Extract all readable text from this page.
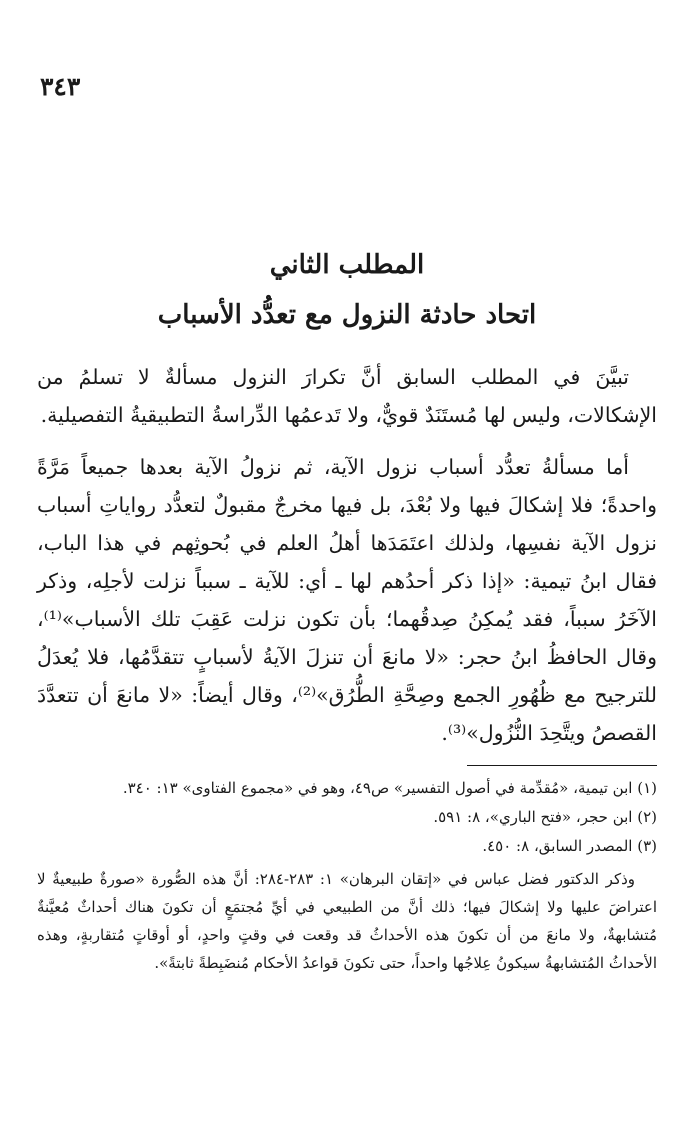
٣٤٣

المطلب الثاني

اتحاد حادثة النزول مع تعدُّد الأسباب

تبيَّنَ في المطلب السابق أنَّ تكرارَ النزول مسألةٌ لا تسلمُ من الإشكالات، وليس لها مُستَنَدٌ قويٌّ، ولا تَدعمُها الدِّراسةُ التطبيقيةُ التفصيلية.

أما مسألةُ تعدُّد أسباب نزول الآية، ثم نزولُ الآية بعدها جميعاً مَرَّةً واحدةً؛ فلا إشكالَ فيها ولا بُعْدَ، بل فيها مخرجٌ مقبولٌ لتعدُّد رواياتِ أسباب نزول الآية نفسِها، ولذلك اعتَمَدَها أهلُ العلم في بُحوثِهم في هذا الباب، فقال ابنُ تيمية: «إذا ذكر أحدُهم لها ـ أي: للآية ـ سبباً نزلت لأجلِه، وذكر الآخَرُ سبباً، فقد يُمكِنُ صِدقُهما؛ بأن تكون نزلت عَقِبَ تلك الأسباب»⁽¹⁾، وقال الحافظُ ابنُ حجر: «لا مانعَ أن تنزلَ الآيةُ لأسبابٍ تتقدَّمُها، فلا يُعدَلُ للترجيح مع ظُهُورِ الجمع وصِحَّةِ الطُّرُق»⁽²⁾، وقال أيضاً: «لا مانعَ أن تتعدَّدَ القصصُ ويتَّحِدَ النُّزُول»⁽³⁾.

(١) ابن تيمية، «مُقدِّمة في أصول التفسير» ص٤٩، وهو في «مجموع الفتاوى» ١٣: ٣٤٠.

(٢) ابن حجر، «فتح الباري»، ٨: ٥٩١.

(٣) المصدر السابق، ٨: ٤٥٠.

وذكر الدكتور فضل عباس في «إتقان البرهان» ١: ٢٨٣-٢٨٤: أنَّ هذه الصُّورة «صورةٌ طبيعيةٌ لا اعتراضَ عليها ولا إشكالَ فيها؛ ذلك أنَّ من الطبيعي في أيِّ مُجتمَعٍ أن تكونَ هناك أحداثٌ مُعيَّنةٌ مُتشابهةٌ، ولا مانعَ من أن تكونَ هذه الأحداثُ قد وقعت في وقتٍ واحدٍ، أو أوقاتٍ مُتقاربةٍ، وهذه الأحداثُ المُتشابهةُ سيكونُ عِلاجُها واحداً، حتى تكونَ قواعدُ الأحكام مُنضَبِطةً ثابتةً».
